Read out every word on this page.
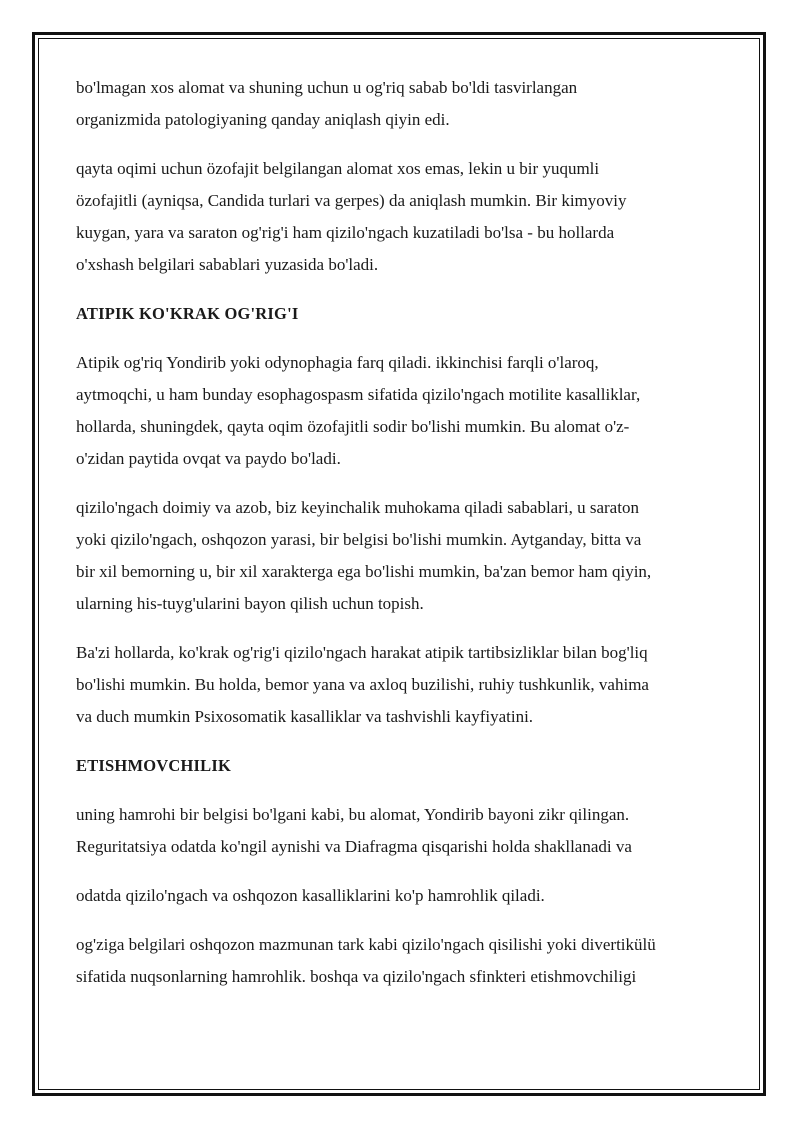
bo'lmagan xos alomat va shuning uchun u og'riq sabab bo'ldi tasvirlangan

organizmida patologiyaning qanday aniqlash qiyin edi.

qayta oqimi uchun özofajit belgilangan alomat xos emas, lekin u bir yuqumli

özofajitli (ayniqsa, Candida turlari va gerpes) da aniqlash mumkin. Bir kimyoviy

kuygan, yara va saraton og'rig'i ham qizilo'ngach kuzatiladi bo'lsa - bu hollarda

o'xshash belgilari sabablari yuzasida bo'ladi.

ATIPIK KO'KRAK OG'RIG'I

Atipik og'riq Yondirib yoki odynophagia farq qiladi. ikkinchisi farqli o'laroq,

aytmoqchi, u ham bunday esophagospasm sifatida qizilo'ngach motilite kasalliklar,

hollarda, shuningdek, qayta oqim özofajitli sodir bo'lishi mumkin. Bu alomat o'z-

o'zidan paytida ovqat va paydo bo'ladi.

qizilo'ngach doimiy va azob, biz keyinchalik muhokama qiladi sabablari, u saraton

yoki qizilo'ngach, oshqozon yarasi, bir belgisi bo'lishi mumkin. Aytganday, bitta va

bir xil bemorning u, bir xil xarakterga ega bo'lishi mumkin, ba'zan bemor ham qiyin,

ularning his-tuyg'ularini bayon qilish uchun topish.

Ba'zi hollarda, ko'krak og'rig'i qizilo'ngach harakat atipik tartibsizliklar bilan bog'liq

bo'lishi mumkin. Bu holda, bemor yana va axloq buzilishi, ruhiy tushkunlik, vahima

va duch mumkin Psixosomatik kasalliklar va tashvishli kayfiyatini.

ETISHMOVCHILIK

uning hamrohi bir belgisi bo'lgani kabi, bu alomat, Yondirib bayoni zikr qilingan.

Reguritatsiya odatda ko'ngil aynishi va Diafragma qisqarishi holda shakllanadi va

odatda qizilo'ngach va oshqozon kasalliklarini ko'p hamrohlik qiladi.

og'ziga belgilari oshqozon mazmunan tark kabi qizilo'ngach qisilishi yoki divertikülü

sifatida nuqsonlarning hamrohlik. boshqa va qizilo'ngach sfinkteri etishmovchiligi
